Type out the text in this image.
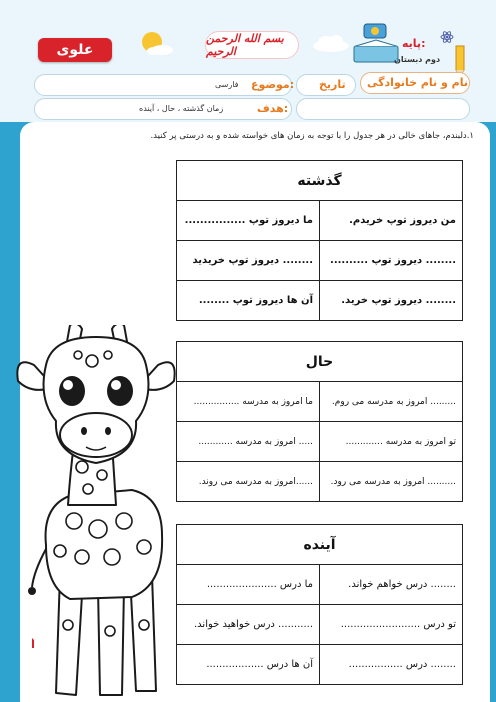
علوی
بسم الله الرحمن الرحیم
پایه:
دوم دبستان
فارسی موضوع: تاریخ نام و نام خانوادگی
زمان گذشته ، حال ، آینده	هدف:
۱.دلبندم، جاهای خالی در هر جدول را با توجه به زمان های خواسته شده و به درستی پر کنید.
گذشته	
ما دیروز توپ ................	من دیروز توپ خریدم.
........ دیروز توپ خریدید	........ دیروز توپ ..........
آن ها دیروز توپ ........	........ دیروز توپ خرید.
حال	
ما امروز به مدرسه ................	......... امروز به مدرسه می روم.
..... امروز به مدرسه ............	تو امروز به مدرسه .............
......امروز به مدرسه می روند.	.......... امروز به مدرسه می رود.
آینده	
ما درس ......................	........ درس خواهم خواند.
........... درس خواهید خواند.	تو درس .........................
آن ها درس ..................	........ درس .................
